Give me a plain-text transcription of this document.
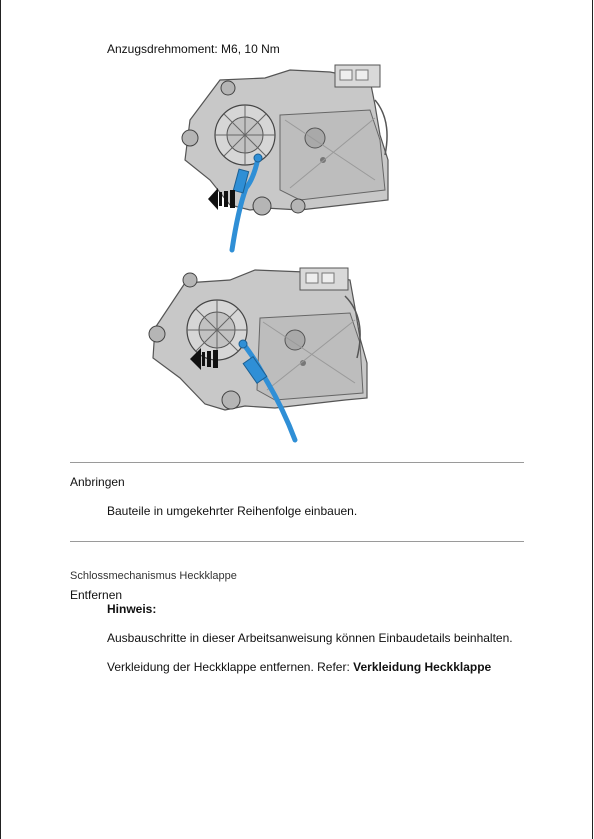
Anzugsdrehmoment: M6, 10 Nm
Anbringen
Bauteile in umgekehrter Reihenfolge einbauen.
Schlossmechanismus Heckklappe
Entfernen
Hinweis:
Ausbauschritte in dieser Arbeitsanweisung können Einbaudetails beinhalten.
Verkleidung der Heckklappe entfernen. Refer: Verkleidung Heckklappe
